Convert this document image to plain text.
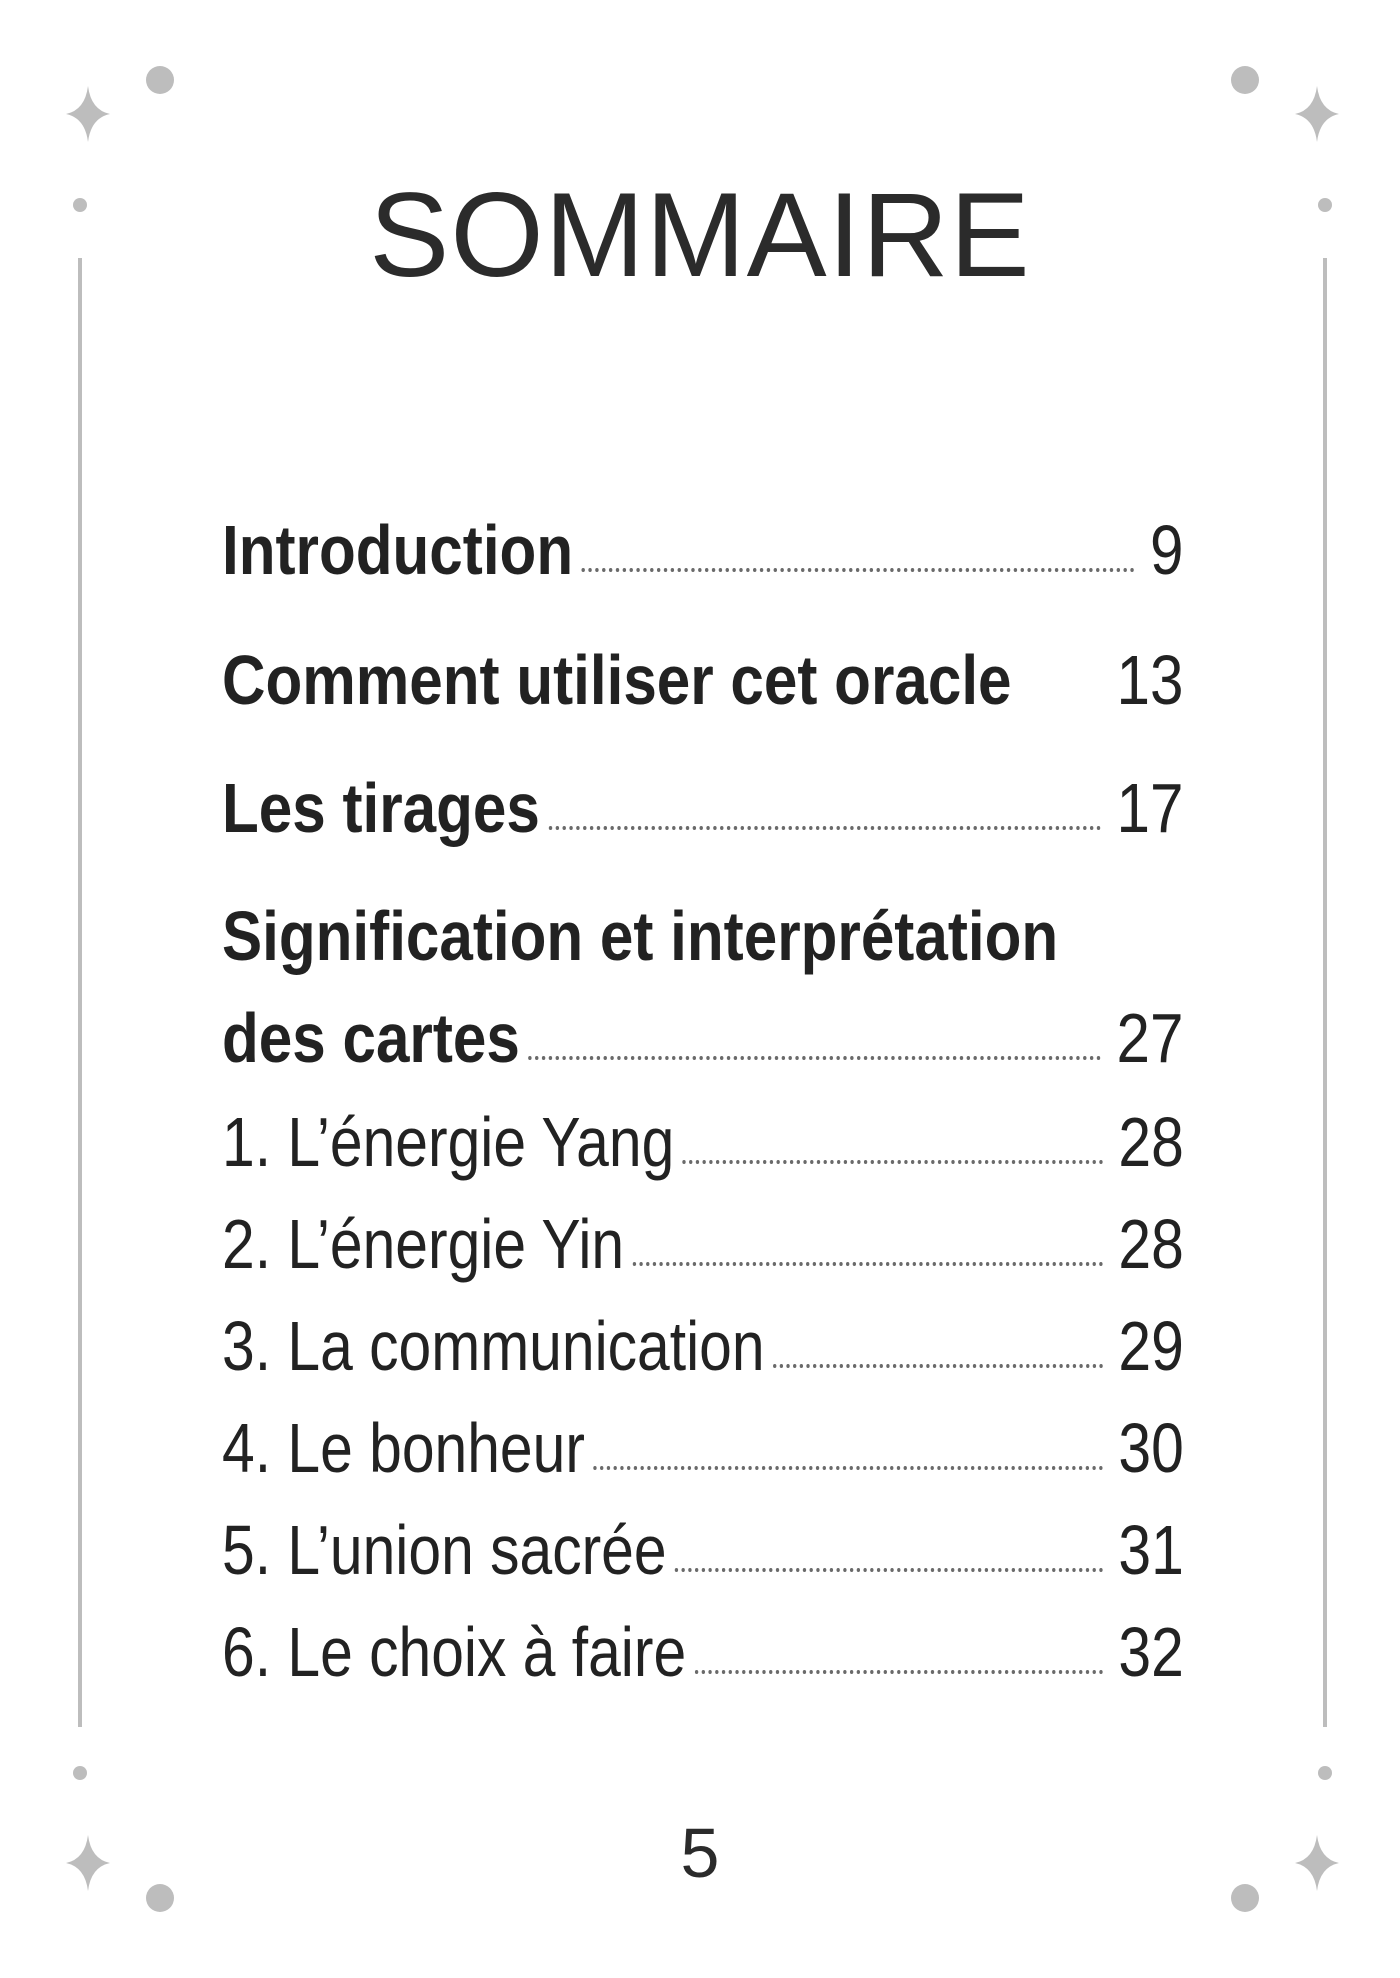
SOMMAIRE
Introduction	9
Comment utiliser cet oracle 13
Les tirages	17
Signification et interprétation
des cartes	27
1. L’énergie Yang	28
2. L’énergie Yin	28
3. La communication	29
4. Le bonheur	30
5. L’union sacrée	31
6. Le choix à faire	32
5
